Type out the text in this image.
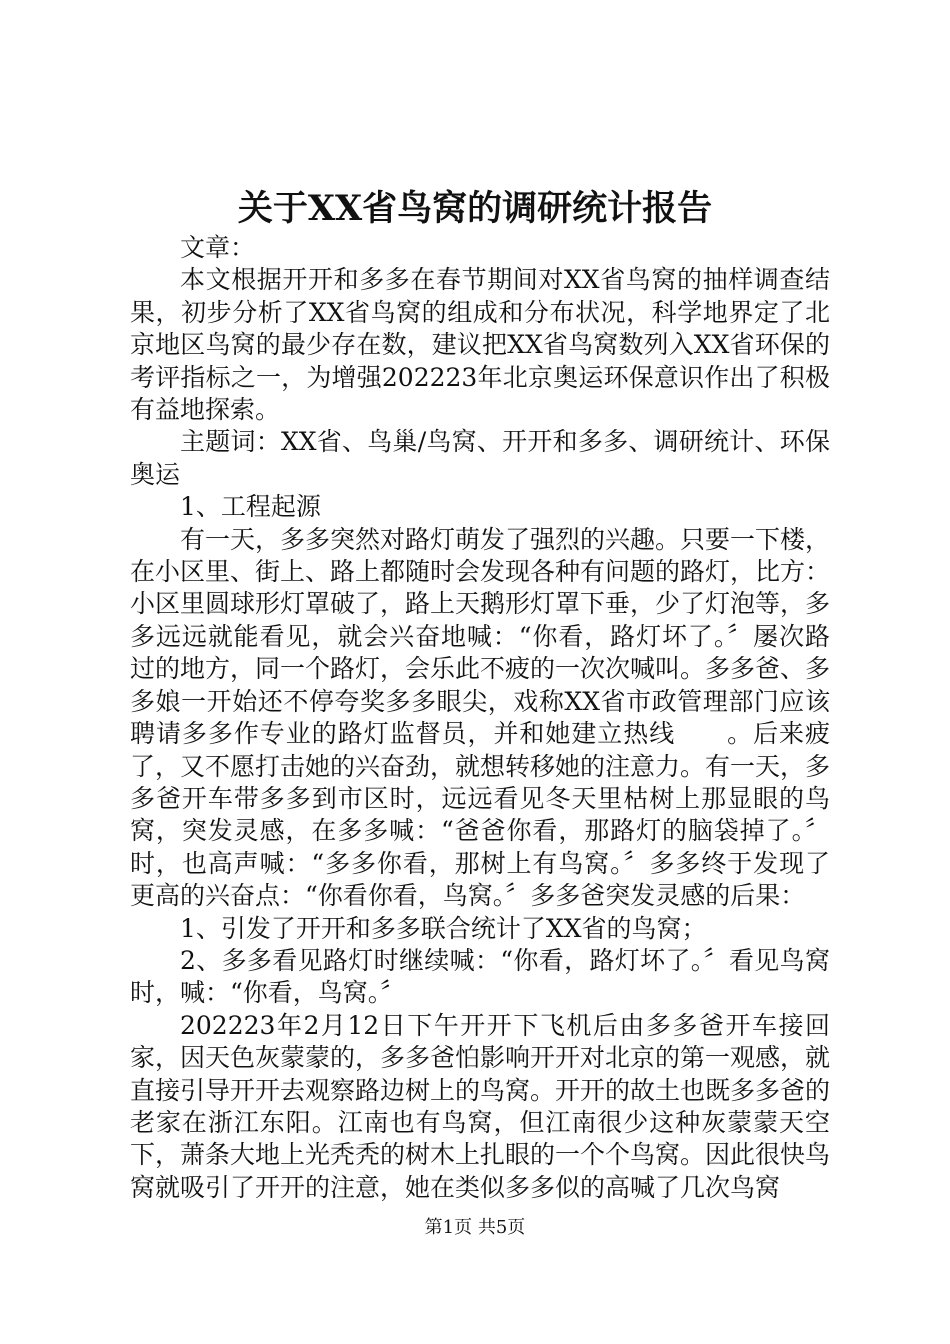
关于XX省鸟窝的调研统计报告

文章：

本文根据开开和多多在春节期间对XX省鸟窝的抽样调查结果，初步分析了XX省鸟窝的组成和分布状况，科学地界定了北京地区鸟窝的最少存在数，建议把XX省鸟窝数列入XX省环保的考评指标之一，为增强202223年北京奥运环保意识作出了积极有益地探索。

主题词：XX省、鸟巢/鸟窝、开开和多多、调研统计、环保奥运

1、工程起源

有一天，多多突然对路灯萌发了强烈的兴趣。只要一下楼，在小区里、街上、路上都随时会发现各种有问题的路灯，比方：小区里圆球形灯罩破了，路上天鹅形灯罩下垂，少了灯泡等，多多远远就能看见，就会兴奋地喊：“你看，路灯坏了。〞屡次路过的地方，同一个路灯，会乐此不疲的一次次喊叫。多多爸、多多娘一开始还不停夸奖多多眼尖，戏称XX省市政管理部门应该聘请多多作专业的路灯监督员，并和她建立热线　　。后来疲了，又不愿打击她的兴奋劲，就想转移她的注意力。有一天，多多爸开车带多多到市区时，远远看见冬天里枯树上那显眼的鸟窝，突发灵感，在多多喊：“爸爸你看，那路灯的脑袋掉了。〞时，也高声喊：“多多你看，那树上有鸟窝。〞多多终于发现了更高的兴奋点：“你看你看，鸟窝。〞多多爸突发灵感的后果：

1、引发了开开和多多联合统计了XX省的鸟窝；

2、多多看见路灯时继续喊：“你看，路灯坏了。〞看见鸟窝时，喊：“你看，鸟窝。〞

202223年2月12日下午开开下飞机后由多多爸开车接回家，因天色灰蒙蒙的，多多爸怕影响开开对北京的第一观感，就直接引导开开去观察路边树上的鸟窝。开开的故土也既多多爸的老家在浙江东阳。江南也有鸟窝，但江南很少这种灰蒙蒙天空下，萧条大地上光秃秃的树木上扎眼的一个个鸟窝。因此很快鸟窝就吸引了开开的注意，她在类似多多似的高喊了几次鸟窝

第1页 共5页
